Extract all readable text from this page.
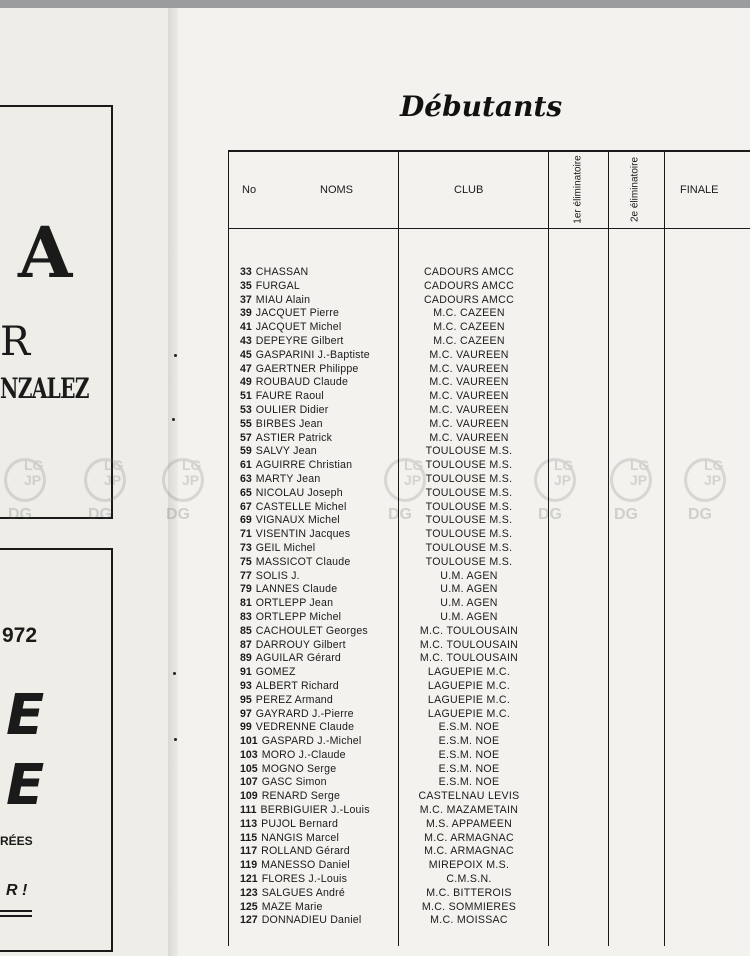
A
R
NZALEZ
972
E
E
RÉES
R !
LG JP
DG
LG JP
DG
LG JP
DG
LG JP
DG
LG JP
DG
LG JP
DG
LG JP
DG
Débutants
No	NOMS	CLUB	1er éliminatoire	2e éliminatoire	FINALE
33 CHASSAN	CADOURS AMCC
35 FURGAL	CADOURS AMCC
37 MIAU Alain	CADOURS AMCC
39 JACQUET Pierre	M.C. CAZEEN
41 JACQUET Michel	M.C. CAZEEN
43 DEPEYRE Gilbert	M.C. CAZEEN
45 GASPARINI J.-Baptiste	M.C. VAUREEN
47 GAERTNER Philippe	M.C. VAUREEN
49 ROUBAUD Claude	M.C. VAUREEN
51 FAURE Raoul	M.C. VAUREEN
53 OULIER Didier	M.C. VAUREEN
55 BIRBES Jean	M.C. VAUREEN
57 ASTIER Patrick	M.C. VAUREEN
59 SALVY Jean	TOULOUSE M.S.
61 AGUIRRE Christian	TOULOUSE M.S.
63 MARTY Jean	TOULOUSE M.S.
65 NICOLAU Joseph	TOULOUSE M.S.
67 CASTELLE Michel	TOULOUSE M.S.
69 VIGNAUX Michel	TOULOUSE M.S.
71 VISENTIN Jacques	TOULOUSE M.S.
73 GEIL Michel	TOULOUSE M.S.
75 MASSICOT Claude	TOULOUSE M.S.
77 SOLIS J.	U.M. AGEN
79 LANNES Claude	U.M. AGEN
81 ORTLEPP Jean	U.M. AGEN
83 ORTLEPP Michel	U.M. AGEN
85 CACHOULET Georges	M.C. TOULOUSAIN
87 DARROUY Gilbert	M.C. TOULOUSAIN
89 AGUILAR Gérard	M.C. TOULOUSAIN
91 GOMEZ	LAGUEPIE M.C.
93 ALBERT Richard	LAGUEPIE M.C.
95 PEREZ Armand	LAGUEPIE M.C.
97 GAYRARD J.-Pierre	LAGUEPIE M.C.
99 VEDRENNE Claude	E.S.M. NOE
101 GASPARD J.-Michel	E.S.M. NOE
103 MORO J.-Claude	E.S.M. NOE
105 MOGNO Serge	E.S.M. NOE
107 GASC Simon	E.S.M. NOE
109 RENARD Serge	CASTELNAU LEVIS
111 BERBIGUIER J.-Louis	M.C. MAZAMETAIN
113 PUJOL Bernard	M.S. APPAMEEN
115 NANGIS Marcel	M.C. ARMAGNAC
117 ROLLAND Gérard	M.C. ARMAGNAC
119 MANESSO Daniel	MIREPOIX M.S.
121 FLORES J.-Louis	C.M.S.N.
123 SALGUES André	M.C. BITTEROIS
125 MAZE Marie	M.C. SOMMIERES
127 DONNADIEU Daniel	M.C. MOISSAC
